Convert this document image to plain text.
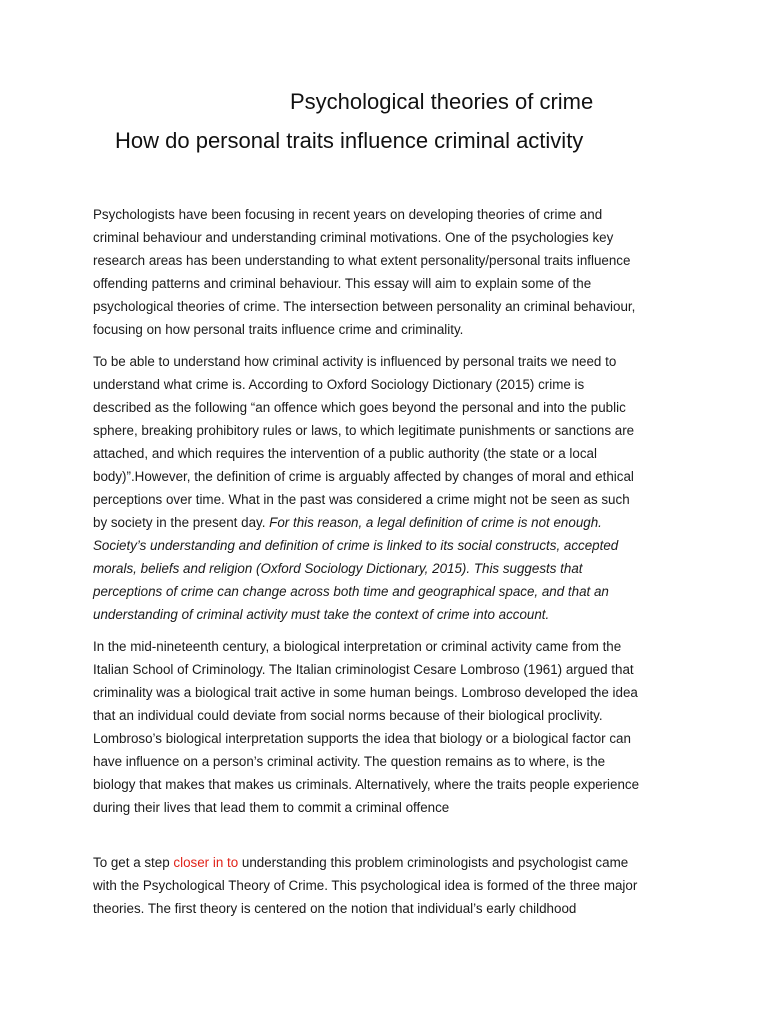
Psychological theories of crime
How do personal traits influence criminal activity
Psychologists have been focusing in recent years on developing theories of crime and
criminal behaviour and understanding criminal motivations. One of the psychologies key
research areas has been understanding to what extent personality/personal traits influence
offending patterns and criminal behaviour. This essay will aim to explain some of the
psychological theories of crime. The intersection between personality an criminal behaviour,
focusing on how personal traits influence crime and criminality.
To be able to understand how criminal activity is influenced by personal traits we need to
understand what crime is. According to Oxford Sociology Dictionary (2015) crime is
described as the following “an offence which goes beyond the personal and into the public
sphere, breaking prohibitory rules or laws, to which legitimate punishments or sanctions are
attached, and which requires the intervention of a public authority (the state or a local
body)”.However, the definition of crime is arguably affected by changes of moral and ethical
perceptions over time. What in the past was considered a crime might not be seen as such
by society in the present day. For this reason, a legal definition of crime is not enough.
Society’s understanding and definition of crime is linked to its social constructs, accepted
morals, beliefs and religion (Oxford Sociology Dictionary, 2015). This suggests that
perceptions of crime can change across both time and geographical space, and that an
understanding of criminal activity must take the context of crime into account.
In the mid-nineteenth century, a biological interpretation or criminal activity came from the
Italian School of Criminology. The Italian criminologist Cesare Lombroso (1961) argued that
criminality was a biological trait active in some human beings. Lombroso developed the idea
that an individual could deviate from social norms because of their biological proclivity.
Lombroso’s biological interpretation supports the idea that biology or a biological factor can
have influence on a person’s criminal activity. The question remains as to where, is the
biology that makes that makes us criminals. Alternatively, where the traits people experience
during their lives that lead them to commit a criminal offence
To get a step closer in to understanding this problem criminologists and psychologist came
with the Psychological Theory of Crime. This psychological idea is formed of the three major
theories. The first theory is centered on the notion that individual’s early childhood
